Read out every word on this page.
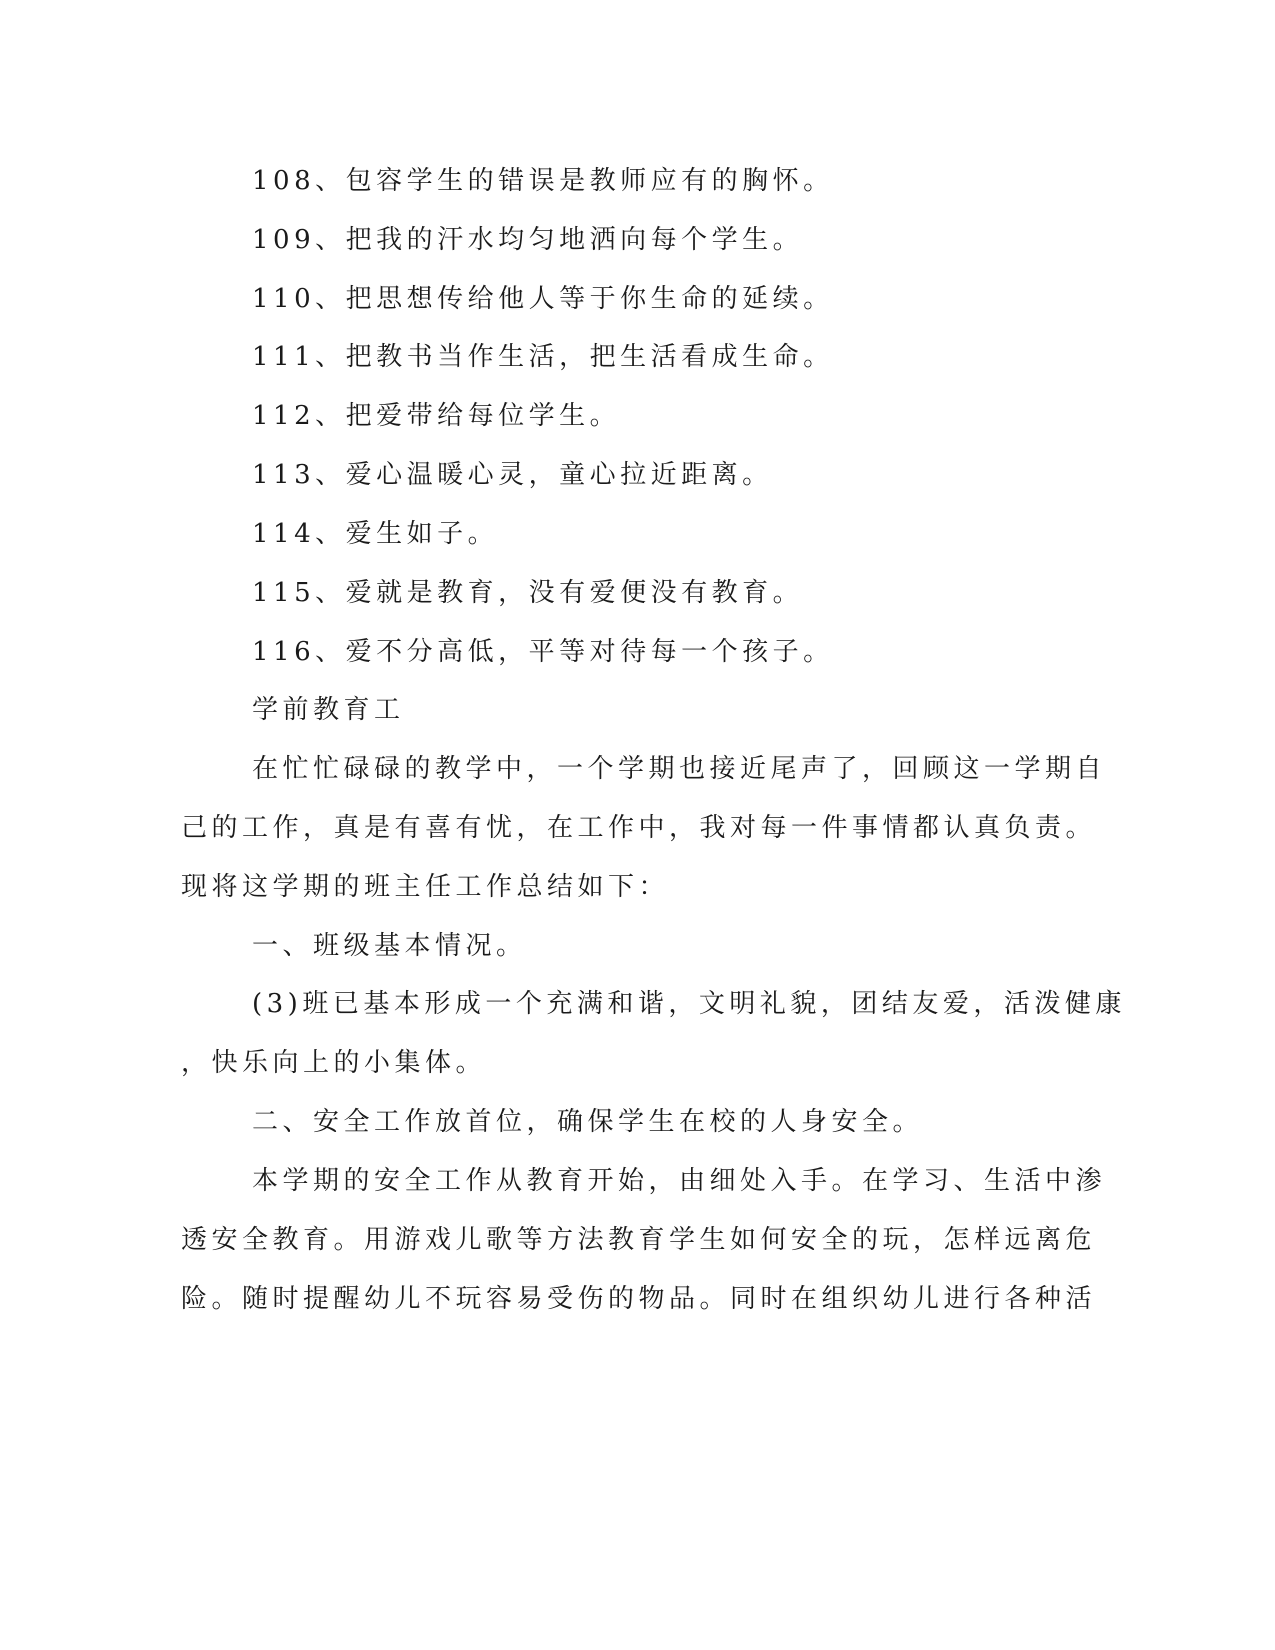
108、包容学生的错误是教师应有的胸怀。
109、把我的汗水均匀地洒向每个学生。
110、把思想传给他人等于你生命的延续。
111、把教书当作生活，把生活看成生命。
112、把爱带给每位学生。
113、爱心温暖心灵，童心拉近距离。
114、爱生如子。
115、爱就是教育，没有爱便没有教育。
116、爱不分高低，平等对待每一个孩子。
学前教育工
在忙忙碌碌的教学中，一个学期也接近尾声了，回顾这一学期自
己的工作，真是有喜有忧，在工作中，我对每一件事情都认真负责。
现将这学期的班主任工作总结如下：
一、班级基本情况。
(3)班已基本形成一个充满和谐，文明礼貌，团结友爱，活泼健康
，快乐向上的小集体。
二、安全工作放首位，确保学生在校的人身安全。
本学期的安全工作从教育开始，由细处入手。在学习、生活中渗
透安全教育。用游戏儿歌等方法教育学生如何安全的玩，怎样远离危
险。随时提醒幼儿不玩容易受伤的物品。同时在组织幼儿进行各种活
